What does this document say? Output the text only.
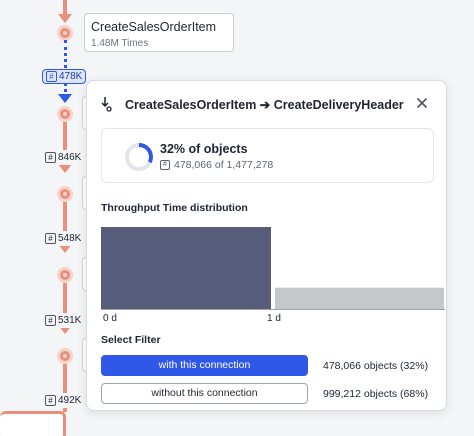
CreateSalesOrderItem
1.48M Times
# 478K
# 846K
# 548K
# 531K
# 492K
CreateSalesOrderItem ➔ CreateDeliveryHeader
32% of objects
# 478,066 of 1,477,278
Throughput Time distribution
0 d	1 d
Select Filter
with this connection	478,066 objects (32%)
without this connection	999,212 objects (68%)
